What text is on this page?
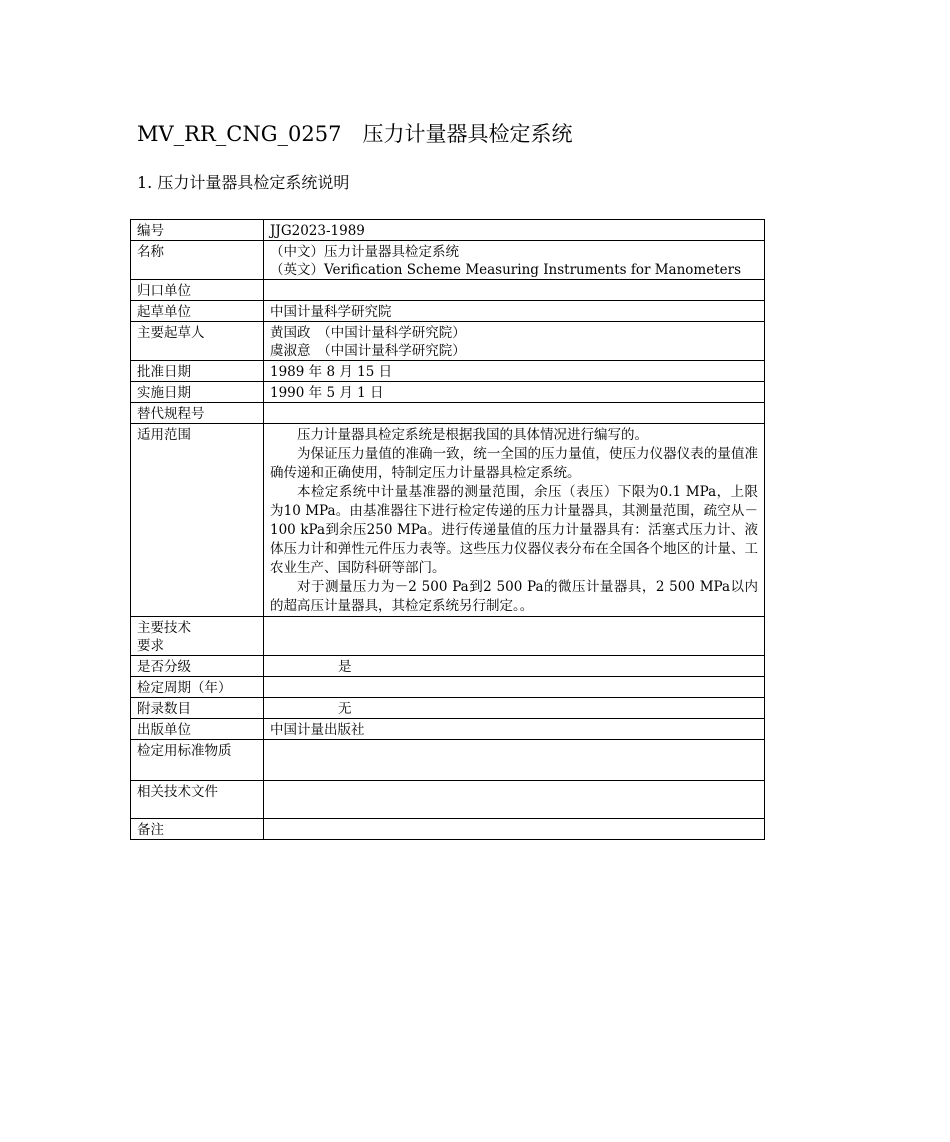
MV_RR_CNG_0257　压力计量器具检定系统
1. 压力计量器具检定系统说明
编号	JJG2023-1989
名称	（中文）压力计量器具检定系统
（英文）Verification Scheme Measuring Instruments for Manometers

归口单位	
起草单位	中国计量科学研究院
主要起草人	黄国政　（中国计量科学研究院）
虞淑意　（中国计量科学研究院）

批准日期	1989 年 8 月 15 日
实施日期	1990 年 5 月 1 日
替代规程号	
适用范围	压力计量器具检定系统是根据我国的具体情况进行编写的。

为保证压力量值的准确一致，统一全国的压力量值，使压力仪器仪表的量值准确传递和正确使用，特制定压力计量器具检定系统。

本检定系统中计量基准器的测量范围，余压（表压）下限为0.1 MPa，上限为10 MPa。由基准器往下进行检定传递的压力计量器具，其测量范围，疏空从－100 kPa到余压250 MPa。进行传递量值的压力计量器具有：活塞式压力计、液体压力计和弹性元件压力表等。这些压力仪器仪表分布在全国各个地区的计量、工农业生产、国防科研等部门。

对于测量压力为－2 500 Pa到2 500 Pa的微压计量器具，2 500 MPa以内的超高压计量器具，其检定系统另行制定。。

主要技术
要求	

是否分级	是
检定周期（年）	
附录数目	无
出版单位	中国计量出版社
检定用标准物质	
相关技术文件	
备注	
